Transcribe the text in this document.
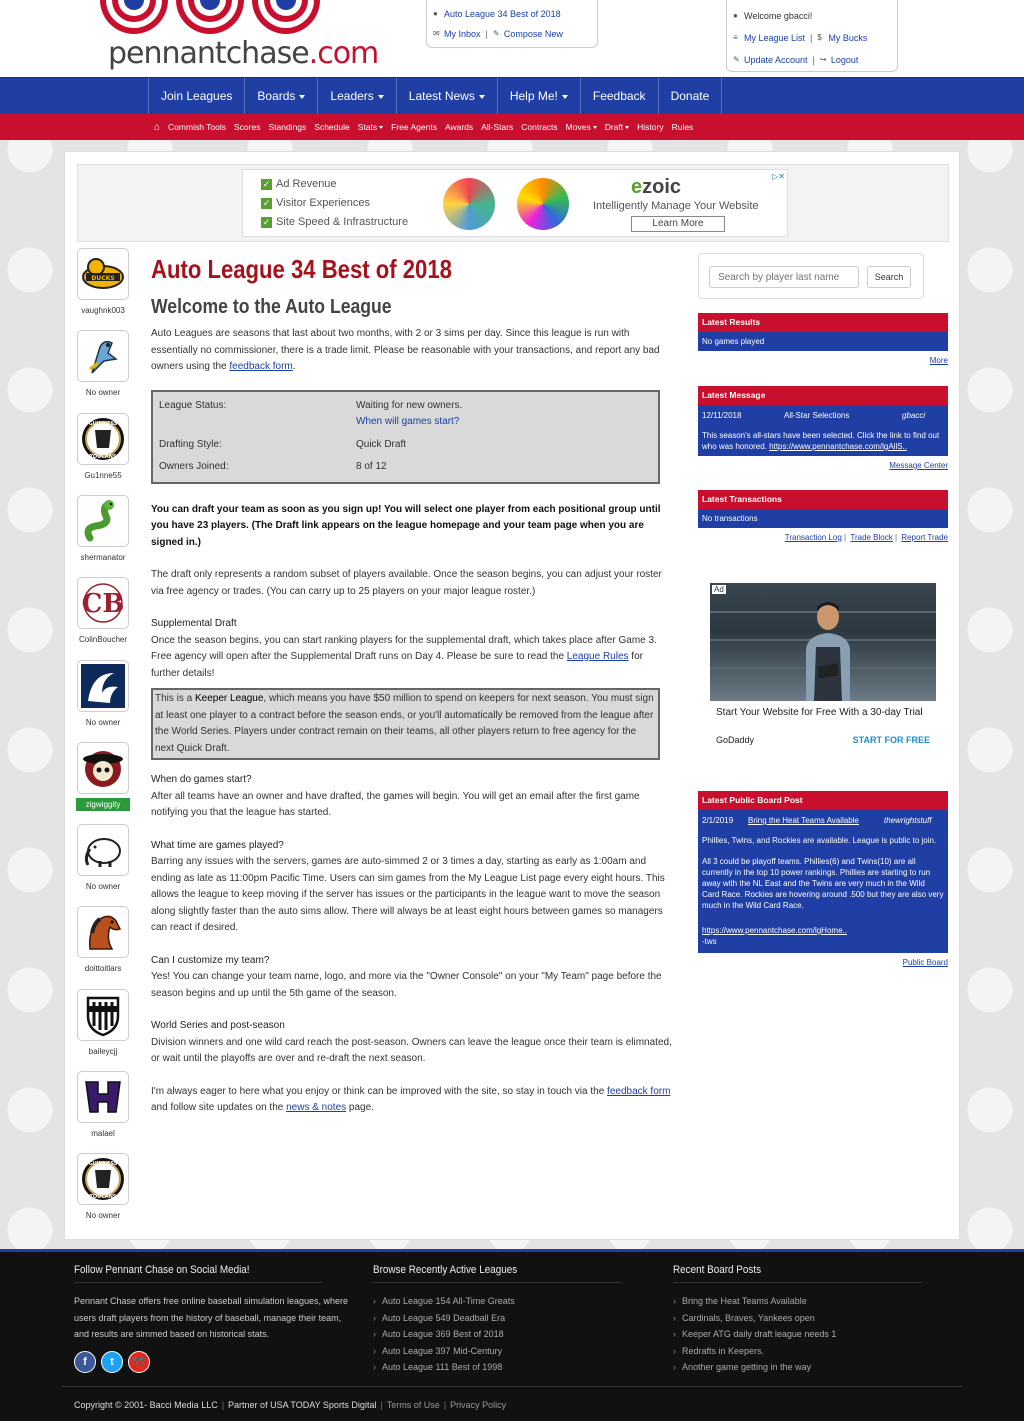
pennantchase.com
● Auto League 34 Best of 2018
✉ My Inbox | ✎ Compose New
● Welcome gbacci!
≡ My League List | $ My Bucks
✎ Update Account | ↪ Logout
Join Leagues	Boards	Leaders	Latest News	Help Me!	Feedback	Donate
⌂ Commish Tools Scores Standings Schedule Stats	Free Agents Awards All-Stars Contracts Moves	Draft	History Rules
✓ Ad Revenue
✓ Visitor Experiences
✓ Site Speed & Infrastructure
ezoic
Intelligently Manage Your Website
Learn More
▷✕
DUCKS
vaughnk003
No owner
GUINNESS
TOUCANS
Gu1nne55
shermanator
CB
ColinBoucher
No owner
zigwiggity
No owner
doittoitlars
baileycjj
malael
GUINNESS
TOUCANS
No owner
Auto League 34 Best of 2018
Welcome to the Auto League

Auto Leagues are seasons that last about two months, with 2 or 3 sims per day. Since this league is run with essentially no commissioner, there is a trade limit. Please be reasonable with your transactions, and report any bad owners using the feedback form.

League Status:	Waiting for new owners.
When will games start?
Drafting Style:	Quick Draft
Owners Joined:	8 of 12

You can draft your team as soon as you sign up! You will select one player from each positional group until you have 23 players. (The Draft link appears on the league homepage and your team page when you are signed in.)

The draft only represents a random subset of players available. Once the season begins, you can adjust your roster via free agency or trades. (You can carry up to 25 players on your major league roster.)

Supplemental Draft

Once the season begins, you can start ranking players for the supplemental draft, which takes place after Game 3. Free agency will open after the Supplemental Draft runs on Day 4. Please be sure to read the League Rules for further details!

This is a Keeper League, which means you have $50 million to spend on keepers for next season. You must sign at least one player to a contract before the season ends, or you'll automatically be removed from the league after the World Series. Players under contract remain on their teams, all other players return to free agency for the next Quick Draft.

When do games start?

After all teams have an owner and have drafted, the games will begin. You will get an email after the first game notifying you that the league has started.

What time are games played?

Barring any issues with the servers, games are auto-simmed 2 or 3 times a day, starting as early as 1:00am and ending as late as 11:00pm Pacific Time. Users can sim games from the My League List page every eight hours. This allows the league to keep moving if the server has issues or the participants in the league want to move the season along slightly faster than the auto sims allow. There will always be at least eight hours between games so managers can react if desired.

Can I customize my team?

Yes! You can change your team name, logo, and more via the "Owner Console" on your "My Team" page before the season begins and up until the 5th game of the season.

World Series and post-season

Division winners and one wild card reach the post-season. Owners can leave the league once their team is elimnated, or wait until the playoffs are over and re-draft the next season.

I'm always eager to here what you enjoy or think can be improved with the site, so stay in touch via the feedback form and follow site updates on the news & notes page.

Search by player last name
Search
Latest Results
No games played
More
Latest Message
12/11/2018	All-Star Selections	gbacci
This season's all-stars have been selected. Click the link to find out who was honored. https://www.pennantchase.com/lgAllS..
Message Center
Latest Transactions
No transactions
Transaction Log | Trade Block | Report Trade
Ad
Start Your Website for Free With a 30-day Trial
GoDaddy	START FOR FREE
Latest Public Board Post
2/1/2019	Bring the Heat Teams Available	thewrightstuff
Phillies, Twins, and Rockies are available. League is public to join.
All 3 could be playoff teams. Phillies(6) and Twins(10) are all currently in the top 10 power rankings. Phillies are starting to run away with the NL East and the Twins are very much in the Wild Card Race. Rockies are hovering around .500 but they are also very much in the Wild Card Race.
https://www.pennantchase.com/lgHome..
-tws
Public Board
Follow Pennant Chase on Social Media!

Pennant Chase offers free online baseball simulation leagues, where users draft players from the history of baseball, manage their team, and results are simmed based on historical stats.

f	t	➿
Browse Recently Active Leagues
› Auto League 154 All-Time Greats
› Auto League 549 Deadball Era
› Auto League 369 Best of 2018
› Auto League 397 Mid-Century
› Auto League 111 Best of 1998
Recent Board Posts
› Bring the Heat Teams Available
› Cardinals, Braves, Yankees open
› Keeper ATG daily draft league needs 1
› Redrafts in Keepers.
› Another game getting in the way
Copyright © 2001- Bacci Media LLC | Partner of USA TODAY Sports Digital | Terms of Use | Privacy Policy
